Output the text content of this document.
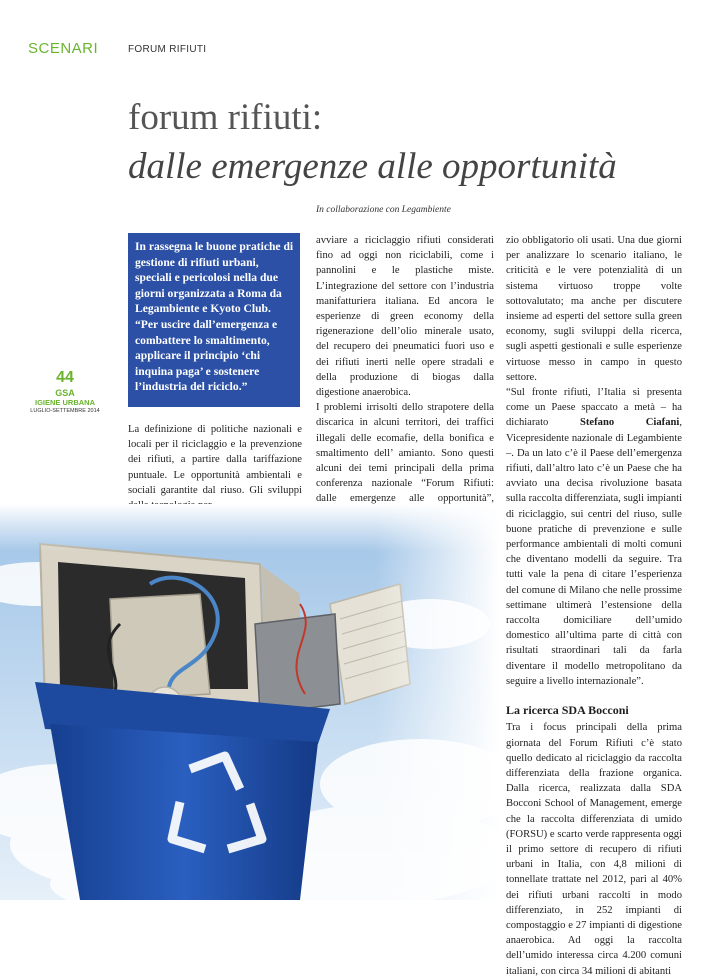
SCENARI	FORUM RIFIUTI
forum rifiuti:
dalle emergenze alle opportunità
In collaborazione con Legambiente
In rassegna le buone pratiche di gestione di rifiuti urbani, speciali e pericolosi nella due giorni organizzata a Roma da Legambiente e Kyoto Club. “Per uscire dall’emergenza e combattere lo smaltimento, applicare il principio ‘chi inquina paga’ e sostenere l’industria del riciclo.”
44
GSA
IGIENE URBANA
LUGLIO-SETTEMBRE 2014

La definizione di politiche nazionali e locali per il riciclaggio e la prevenzione dei rifiuti, a partire dalla tariffazione puntuale. Le opportunità ambientali e sociali garantite dal riuso. Gli sviluppi

avviare a riciclaggio rifiuti considerati fino ad oggi non riciclabili, come i pannolini e le plastiche miste. L’integrazione del settore con l’industria manifatturiera italiana. Ed ancora le esperienze di green economy della rigenerazione dell’olio minerale usato, del recupero dei pneumatici fuori uso e dei rifiuti inerti nelle opere stradali e della produzione di biogas dalla digestione anaerobica.

I problemi irrisolti dello strapotere della discarica in alcuni territori, dei traffici illegali delle ecomafie, della bonifica e smaltimento dell’ amianto. Sono questi alcuni dei temi principali della prima conferenza nazionale “Forum Rifiuti: dalle emergenze alle opportunità”,

zio obbligatorio oli usati. Una due giorni per analizzare lo scenario italiano, le criticità e le vere potenzialità di un sistema virtuoso troppe volte sottovalutato; ma anche per discutere insieme ad esperti del settore sulla green economy, sugli sviluppi della ricerca, sugli aspetti gestionali e sulle esperienze virtuose messo in campo in questo settore.

“Sul fronte rifiuti, l’Italia si presenta come un Paese spaccato a metà – ha dichiarato Stefano Ciafani, Vicepresidente nazionale di Legambiente –. Da un lato c’è il Paese dell’emergenza rifiuti, dall’altro lato c’è un Paese che ha avviato una decisa rivoluzione basata sulla raccolta differenziata, sugli impianti di riciclaggio, sui centri del riuso, sulle buone pratiche di prevenzione e sulle performance ambientali di molti comuni che diventano modelli da seguire. Tra tutti vale la pena di citare l’esperienza del comune di Milano che nelle prossime settimane ultimerà l’estensione della raccolta domiciliare dell’umido domestico all’ultima parte di città con risultati straordinari tali da farla diventare il modello metropolitano da seguire a livello internazionale”.

La ricerca SDA Bocconi

Tra i focus principali della prima giornata del Forum Rifiuti c’è stato quello dedicato al riciclaggio da raccolta differenziata della frazione organica. Dalla ricerca, realizzata dalla SDA Bocconi School of Management, emerge che la raccolta differenziata di umido (FORSU) e scarto verde rappresenta oggi il primo settore di recupero di rifiuti urbani in Italia, con 4,8 milioni di tonnellate trattate nel 2012, pari al 40% dei rifiuti urbani raccolti in modo differenziato, in 252 impianti di compostaggio e 27 impianti di digestione anaerobica. Ad oggi la raccolta dell’umido interessa circa 4.200 comuni italiani, con circa 34 milioni di abitanti
